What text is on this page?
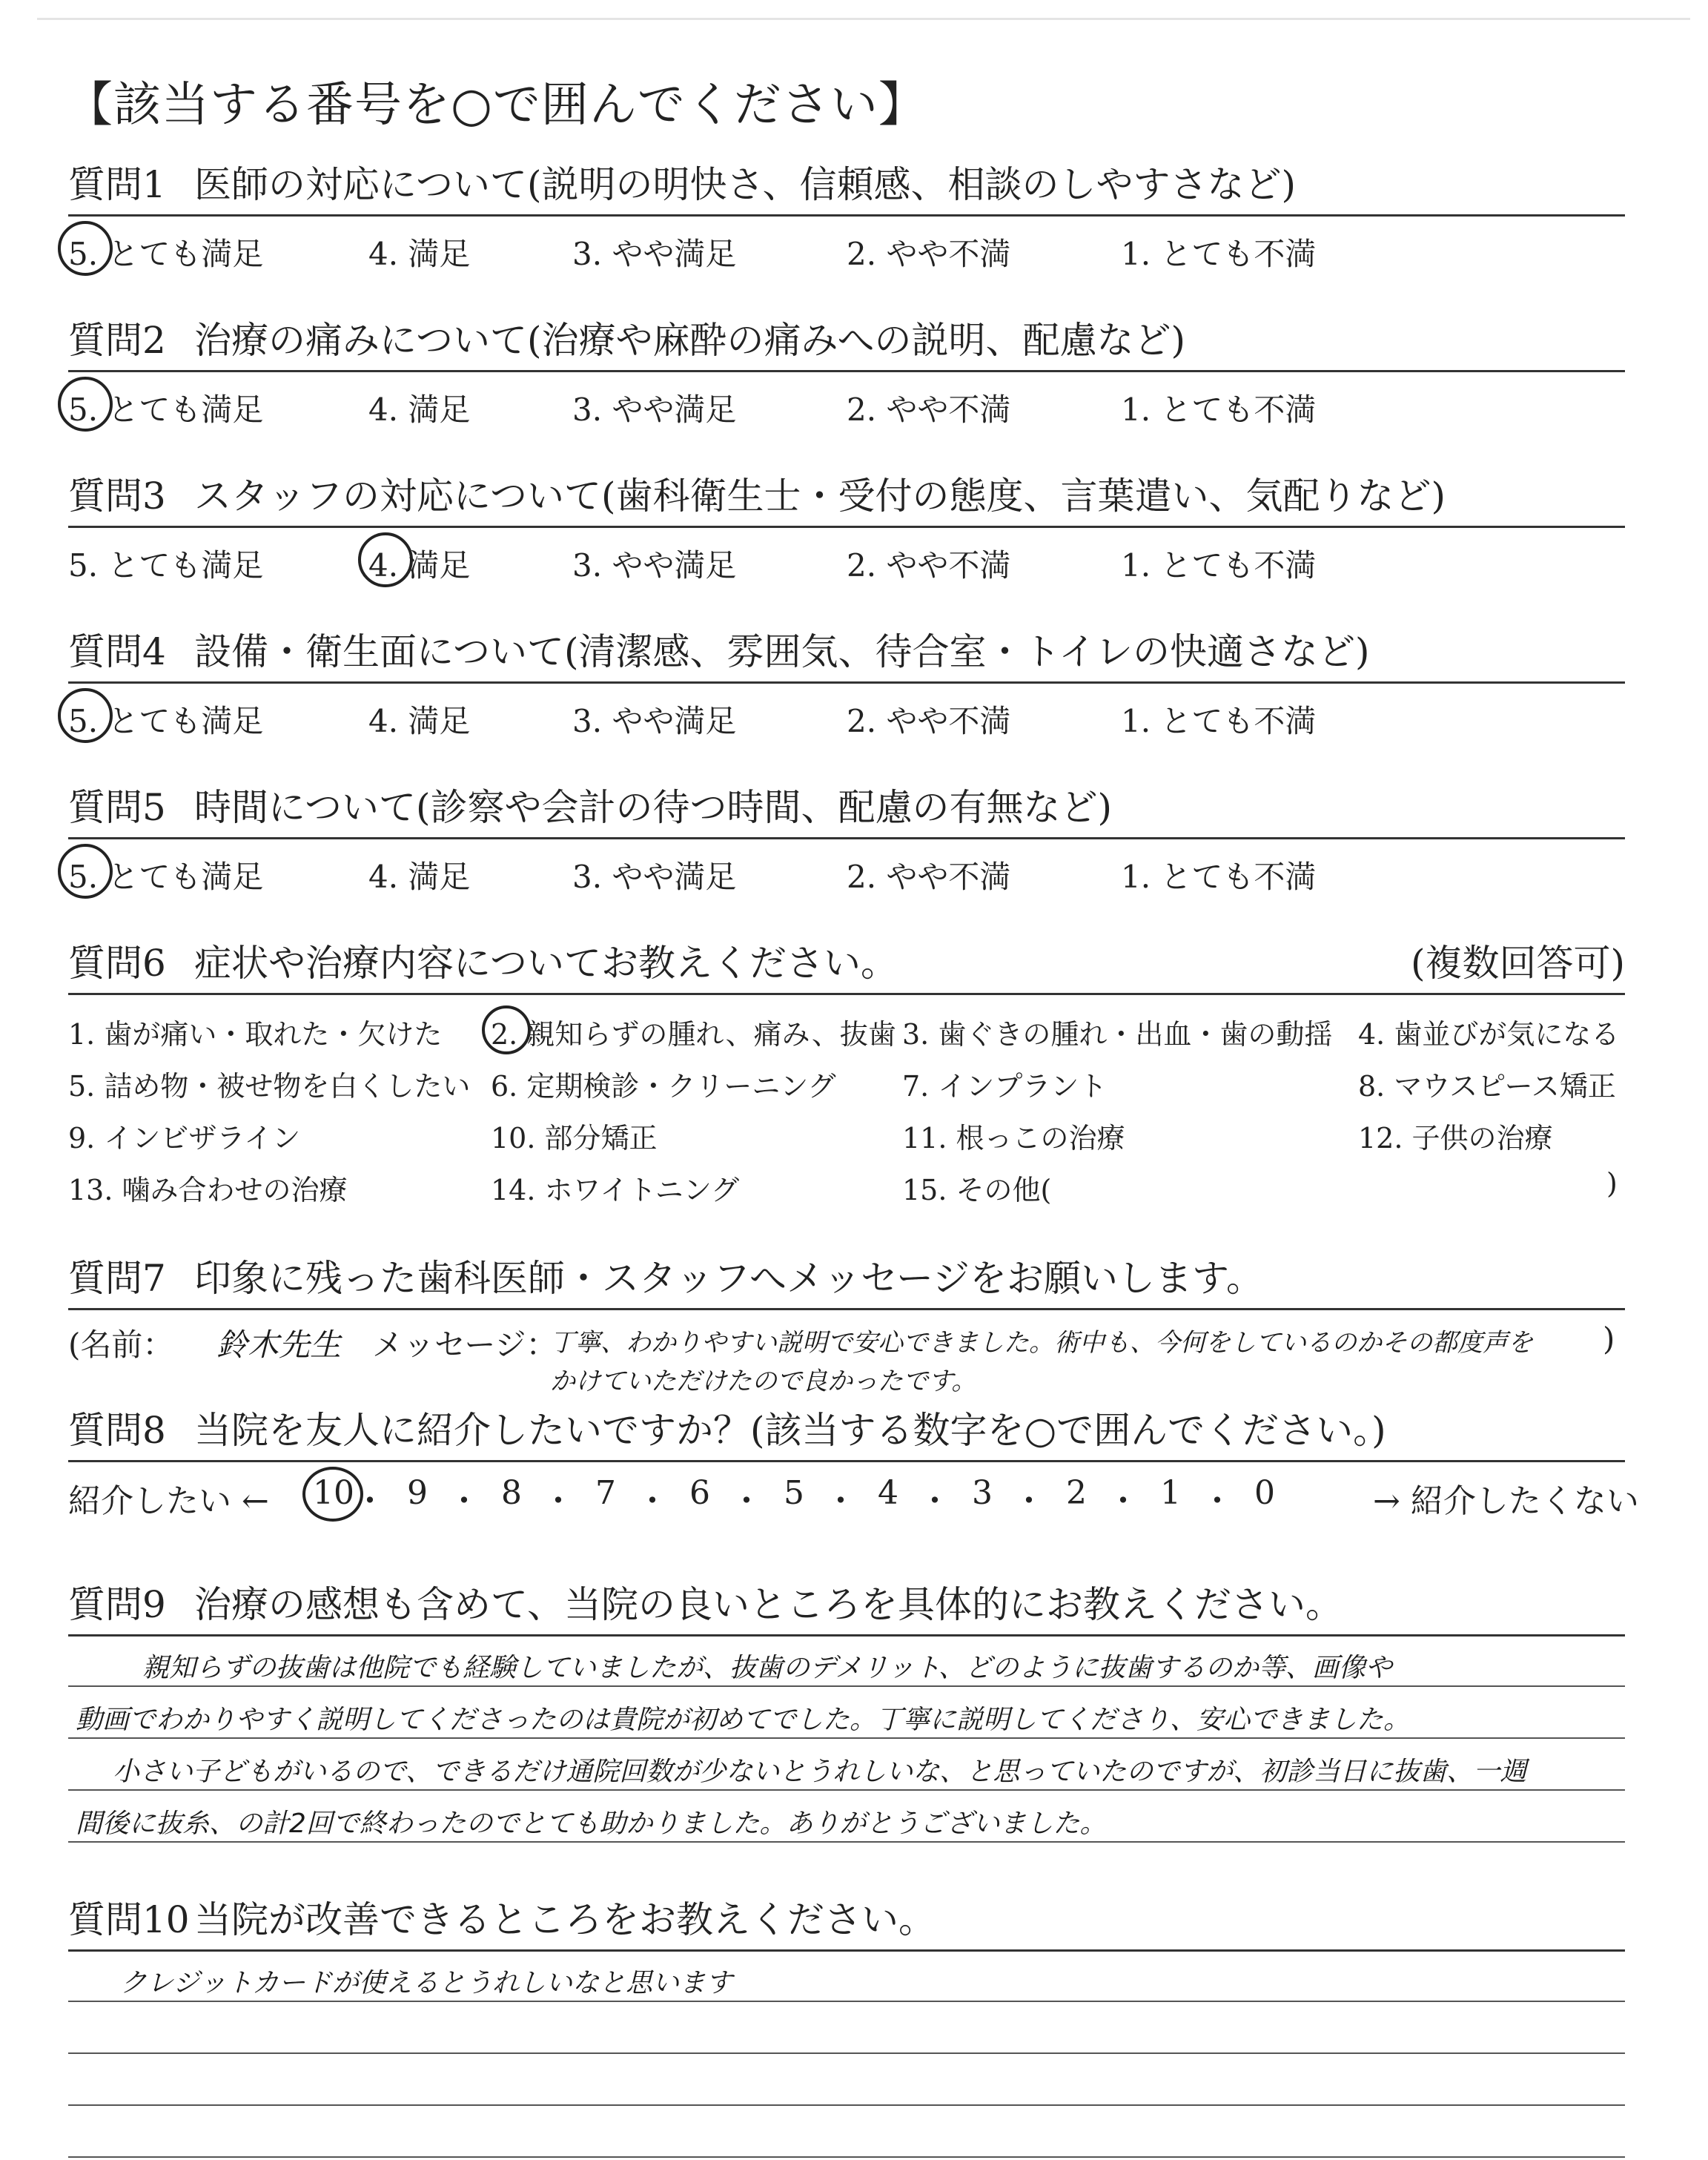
【該当する番号を○で囲んでください】
質問1 医師の対応について(説明の明快さ、信頼感、相談のしやすさなど)
5. とても満足	4. 満足	3. やや満足	2. やや不満	1. とても不満
質問2 治療の痛みについて(治療や麻酔の痛みへの説明、配慮など)
5. とても満足	4. 満足	3. やや満足	2. やや不満	1. とても不満
質問3 スタッフの対応について(歯科衛生士・受付の態度、言葉遣い、気配りなど)
5. とても満足	4. 満足	3. やや満足	2. やや不満	1. とても不満
質問4 設備・衛生面について(清潔感、雰囲気、待合室・トイレの快適さなど)
5. とても満足	4. 満足	3. やや満足	2. やや不満	1. とても不満
質問5 時間について(診察や会計の待つ時間、配慮の有無など)
5. とても満足	4. 満足	3. やや満足	2. やや不満	1. とても不満
質問6 症状や治療内容についてお教えください。	(複数回答可)
1. 歯が痛い・取れた・欠けた 2. 親知らずの腫れ、痛み、抜歯 3. 歯ぐきの腫れ・出血・歯の動揺 4. 歯並びが気になる
5. 詰め物・被せ物を白くしたい 6. 定期検診・クリーニング 7. インプラント	8. マウスピース矯正
9. インビザライン	10. 部分矯正	11. 根っこの治療	12. 子供の治療
13. 噛み合わせの治療	14. ホワイトニング	15. その他(	)
質問7 印象に残った歯科医師・スタッフへメッセージをお願いします。
(名前： 鈴木先生 メッセージ：
丁寧、わかりやすい説明で安心できました。術中も、今何をしているのかその都度声を
かけていただけたので良かったです。
)
質問8 当院を友人に紹介したいですか？(該当する数字を○で囲んでください。)
紹介したい ←	→ 紹介したくない
10 ・ 9 ・ 8 ・ 7 ・ 6 ・ 5 ・ 4 ・ 3 ・ 2 ・ 1 ・ 0
質問9 治療の感想も含めて、当院の良いところを具体的にお教えください。
親知らずの抜歯は他院でも経験していましたが、抜歯のデメリット、どのように抜歯するのか等、画像や
動画でわかりやすく説明してくださったのは貴院が初めてでした。丁寧に説明してくださり、安心できました。
小さい子どもがいるので、できるだけ通院回数が少ないとうれしいな、と思っていたのですが、初診当日に抜歯、一週
間後に抜糸、の計2回で終わったのでとても助かりました。ありがとうございました。
質問10 当院が改善できるところをお教えください。
クレジットカードが使えるとうれしいなと思います
